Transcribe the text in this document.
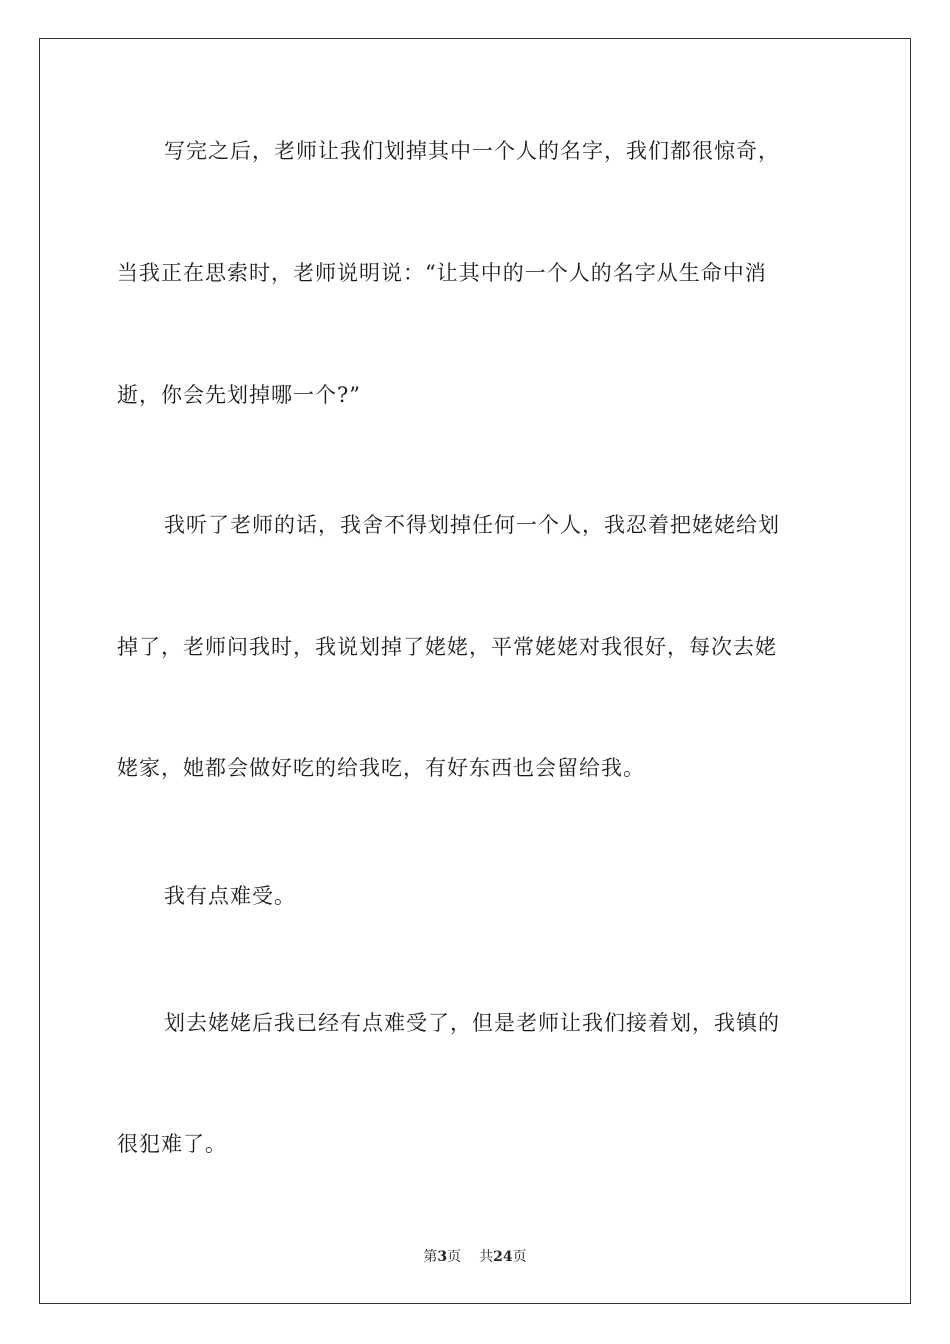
写完之后，老师让我们划掉其中一个人的名字，我们都很惊奇，
当我正在思索时，老师说明说：“让其中的一个人的名字从生命中消
逝，你会先划掉哪一个?”
我听了老师的话，我舍不得划掉任何一个人，我忍着把姥姥给划
掉了，老师问我时，我说划掉了姥姥，平常姥姥对我很好，每次去姥
姥家，她都会做好吃的给我吃，有好东西也会留给我。
我有点难受。
划去姥姥后我已经有点难受了，但是老师让我们接着划，我镇的
很犯难了。
第3页 共24页
